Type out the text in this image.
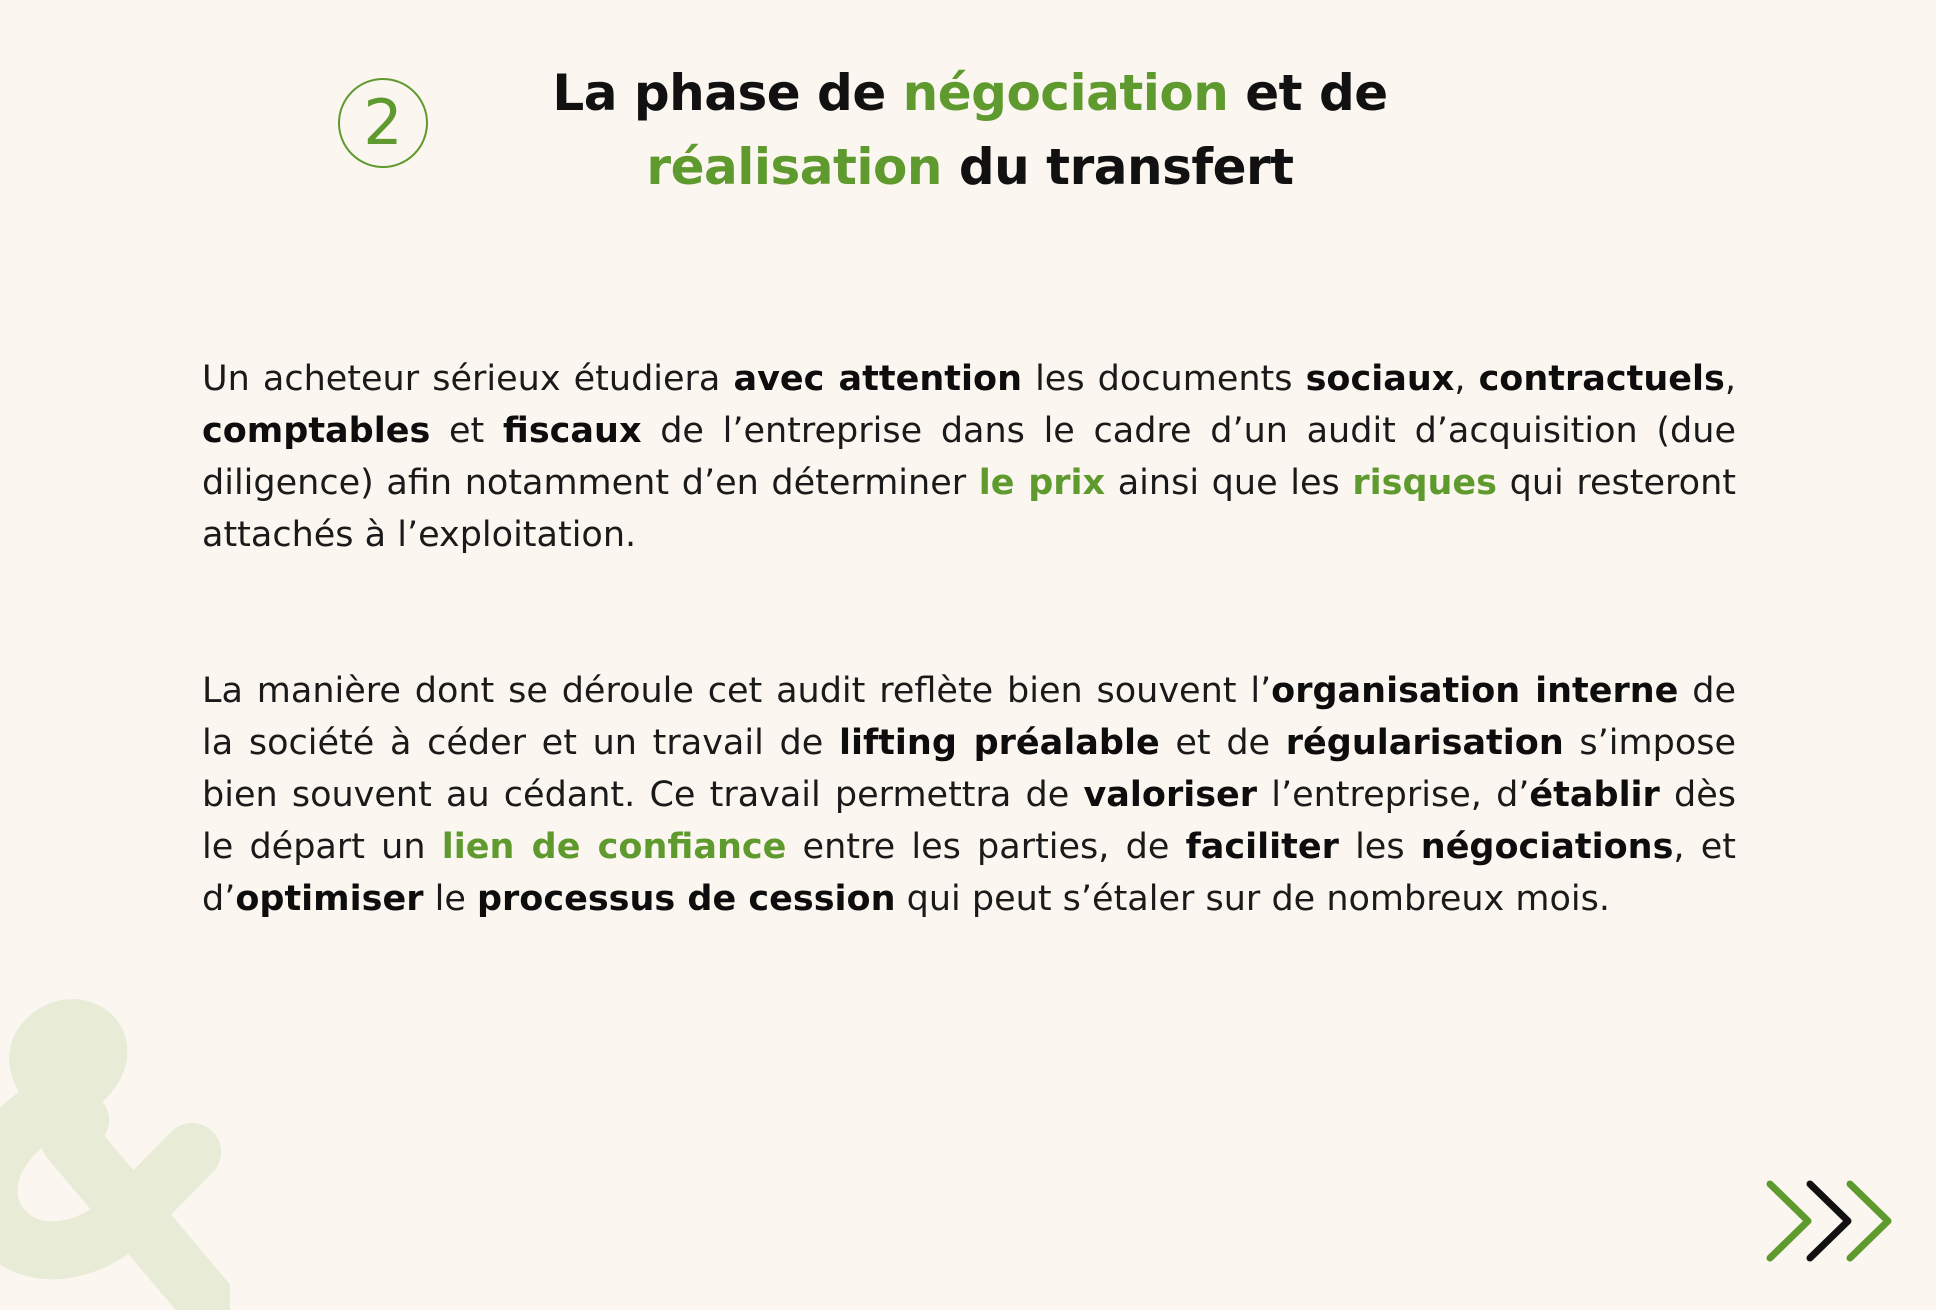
2	La phase de négociation et de
réalisation du transfert

Un acheteur sérieux étudiera avec attention les documents sociaux, contractuels, comptables et fiscaux de l’entreprise dans le cadre d’un audit d’acquisition (due diligence) afin notamment d’en déterminer le prix ainsi que les risques qui resteront attachés à l’exploitation.

La manière dont se déroule cet audit reflète bien souvent l’organisation interne de la société à céder et un travail de lifting préalable et de régularisation s’impose bien souvent au cédant. Ce travail permettra de valoriser l’entreprise, d’établir dès le départ un lien de confiance entre les parties, de faciliter les négociations, et d’optimiser le processus de cession qui peut s’étaler sur de nombreux mois.
